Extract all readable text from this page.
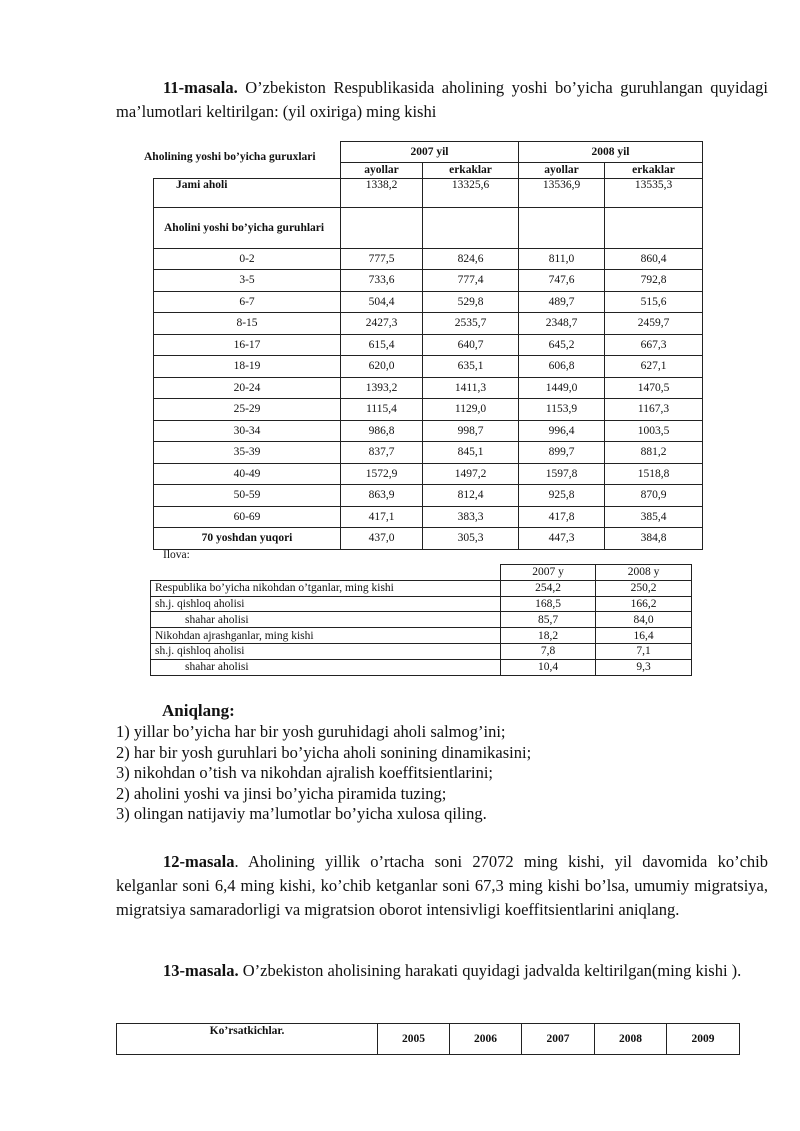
11-masala. O’zbekiston Respublikasida aholining yoshi bo’yicha guruhlangan quyidagi ma’lumotlari keltirilgan: (yil oxiriga) ming kishi
Aholining yoshi bo’yicha guruxlari
		2007 yil		2008 yil	
	ayollar	erkaklar	ayollar	erkaklar
Jami aholi	1338,2	13325,6	13536,9	13535,3
Aholini yoshi bo’yicha guruhlari				
0-2	777,5	824,6	811,0	860,4
3-5	733,6	777,4	747,6	792,8
6-7	504,4	529,8	489,7	515,6
8-15	2427,3	2535,7	2348,7	2459,7
16-17	615,4	640,7	645,2	667,3
18-19	620,0	635,1	606,8	627,1
20-24	1393,2	1411,3	1449,0	1470,5
25-29	1115,4	1129,0	1153,9	1167,3
30-34	986,8	998,7	996,4	1003,5
35-39	837,7	845,1	899,7	881,2
40-49	1572,9	1497,2	1597,8	1518,8
50-59	863,9	812,4	925,8	870,9
60-69	417,1	383,3	417,8	385,4
70 yoshdan yuqori	437,0	305,3	447,3	384,8
Ilova:
	2007 y	2008 y
Respublika bo’yicha nikohdan o’tganlar, ming kishi	254,2	250,2
sh.j. qishloq aholisi	168,5	166,2
shahar aholisi	85,7	84,0
Nikohdan ajrashganlar, ming kishi	18,2	16,4
sh.j. qishloq aholisi	7,8	7,1
shahar aholisi	10,4	9,3
Aniqlang:
1) yillar bo’yicha har bir yosh guruhidagi aholi salmog’ini;
2) har bir yosh guruhlari bo’yicha aholi sonining dinamikasini;
3) nikohdan o’tish va nikohdan ajralish koeffitsientlarini;
2) aholini yoshi va jinsi bo’yicha piramida tuzing;
3) olingan natijaviy ma’lumotlar bo’yicha xulosa qiling.
12-masala. Aholining yillik o’rtacha soni 27072 ming kishi, yil davomida ko’chib kelganlar soni 6,4 ming kishi, ko’chib ketganlar soni 67,3 ming kishi bo’lsa, umumiy migratsiya, migratsiya samaradorligi va migratsion oborot intensivligi koeffitsientlarini aniqlang.
13-masala. O’zbekiston aholisining harakati quyidagi jadvalda keltirilgan(ming kishi ).
Ko’rsatkichlar.	2005	2006	2007	2008	2009
